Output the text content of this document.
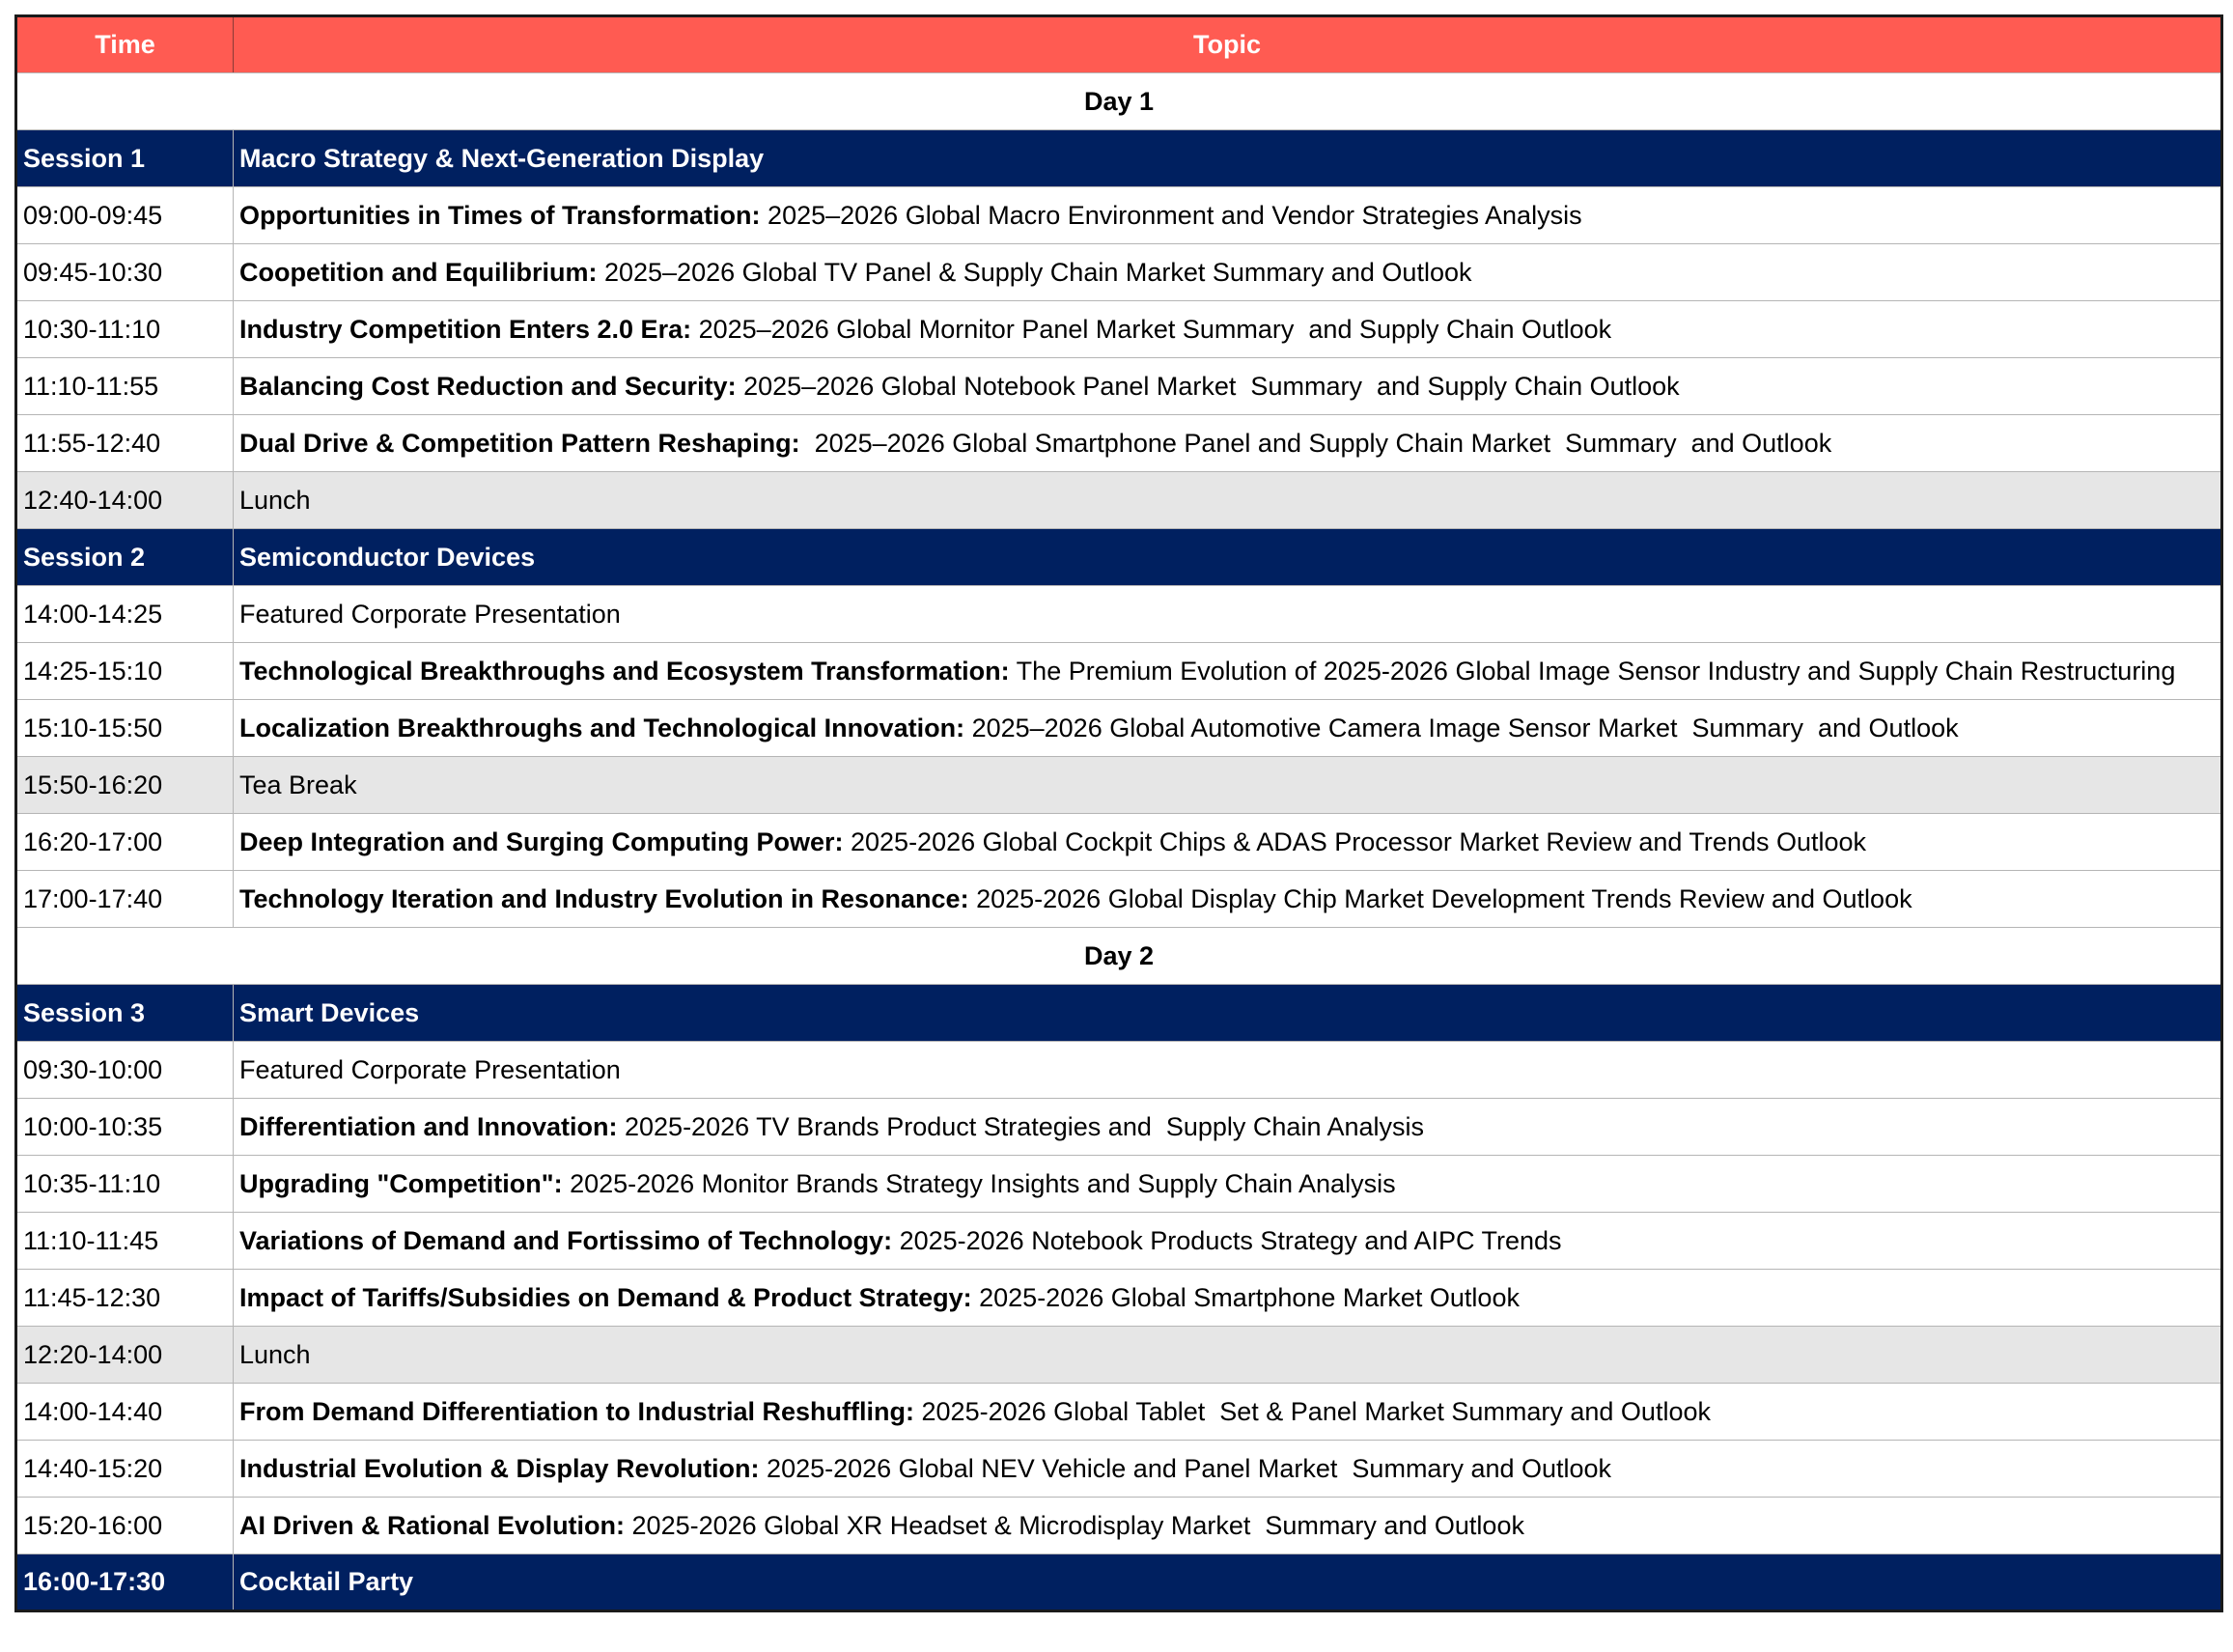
Time	Topic
Day 1	
Session 1	Macro Strategy & Next-Generation Display
09:00-09:45	Opportunities in Times of Transformation: 2025–2026 Global Macro Environment and Vendor Strategies Analysis
09:45-10:30	Coopetition and Equilibrium: 2025–2026 Global TV Panel & Supply Chain Market Summary and Outlook
10:30-11:10	Industry Competition Enters 2.0 Era: 2025–2026 Global Mornitor Panel Market Summary  and Supply Chain Outlook
11:10-11:55	Balancing Cost Reduction and Security: 2025–2026 Global Notebook Panel Market  Summary  and Supply Chain Outlook
11:55-12:40	Dual Drive & Competition Pattern Reshaping:  2025–2026 Global Smartphone Panel and Supply Chain Market  Summary  and Outlook
12:40-14:00	Lunch
Session 2	Semiconductor Devices
14:00-14:25	Featured Corporate Presentation
14:25-15:10	Technological Breakthroughs and Ecosystem Transformation: The Premium Evolution of 2025-2026 Global Image Sensor Industry and Supply Chain Restructuring
15:10-15:50	Localization Breakthroughs and Technological Innovation: 2025–2026 Global Automotive Camera Image Sensor Market  Summary  and Outlook
15:50-16:20	Tea Break
16:20-17:00	Deep Integration and Surging Computing Power: 2025-2026 Global Cockpit Chips & ADAS Processor Market Review and Trends Outlook
17:00-17:40	Technology Iteration and Industry Evolution in Resonance: 2025-2026 Global Display Chip Market Development Trends Review and Outlook
Day 2	
Session 3	Smart Devices
09:30-10:00	Featured Corporate Presentation
10:00-10:35	Differentiation and Innovation: 2025-2026 TV Brands Product Strategies and  Supply Chain Analysis
10:35-11:10	Upgrading "Competition": 2025-2026 Monitor Brands Strategy Insights and Supply Chain Analysis
11:10-11:45	Variations of Demand and Fortissimo of Technology: 2025-2026 Notebook Products Strategy and AIPC Trends
11:45-12:30	Impact of Tariffs/Subsidies on Demand & Product Strategy: 2025-2026 Global Smartphone Market Outlook
12:20-14:00	Lunch
14:00-14:40	From Demand Differentiation to Industrial Reshuffling: 2025-2026 Global Tablet  Set & Panel Market Summary and Outlook
14:40-15:20	Industrial Evolution & Display Revolution: 2025-2026 Global NEV Vehicle and Panel Market  Summary and Outlook
15:20-16:00	AI Driven & Rational Evolution: 2025-2026 Global XR Headset & Microdisplay Market  Summary and Outlook
16:00-17:30	Cocktail Party
